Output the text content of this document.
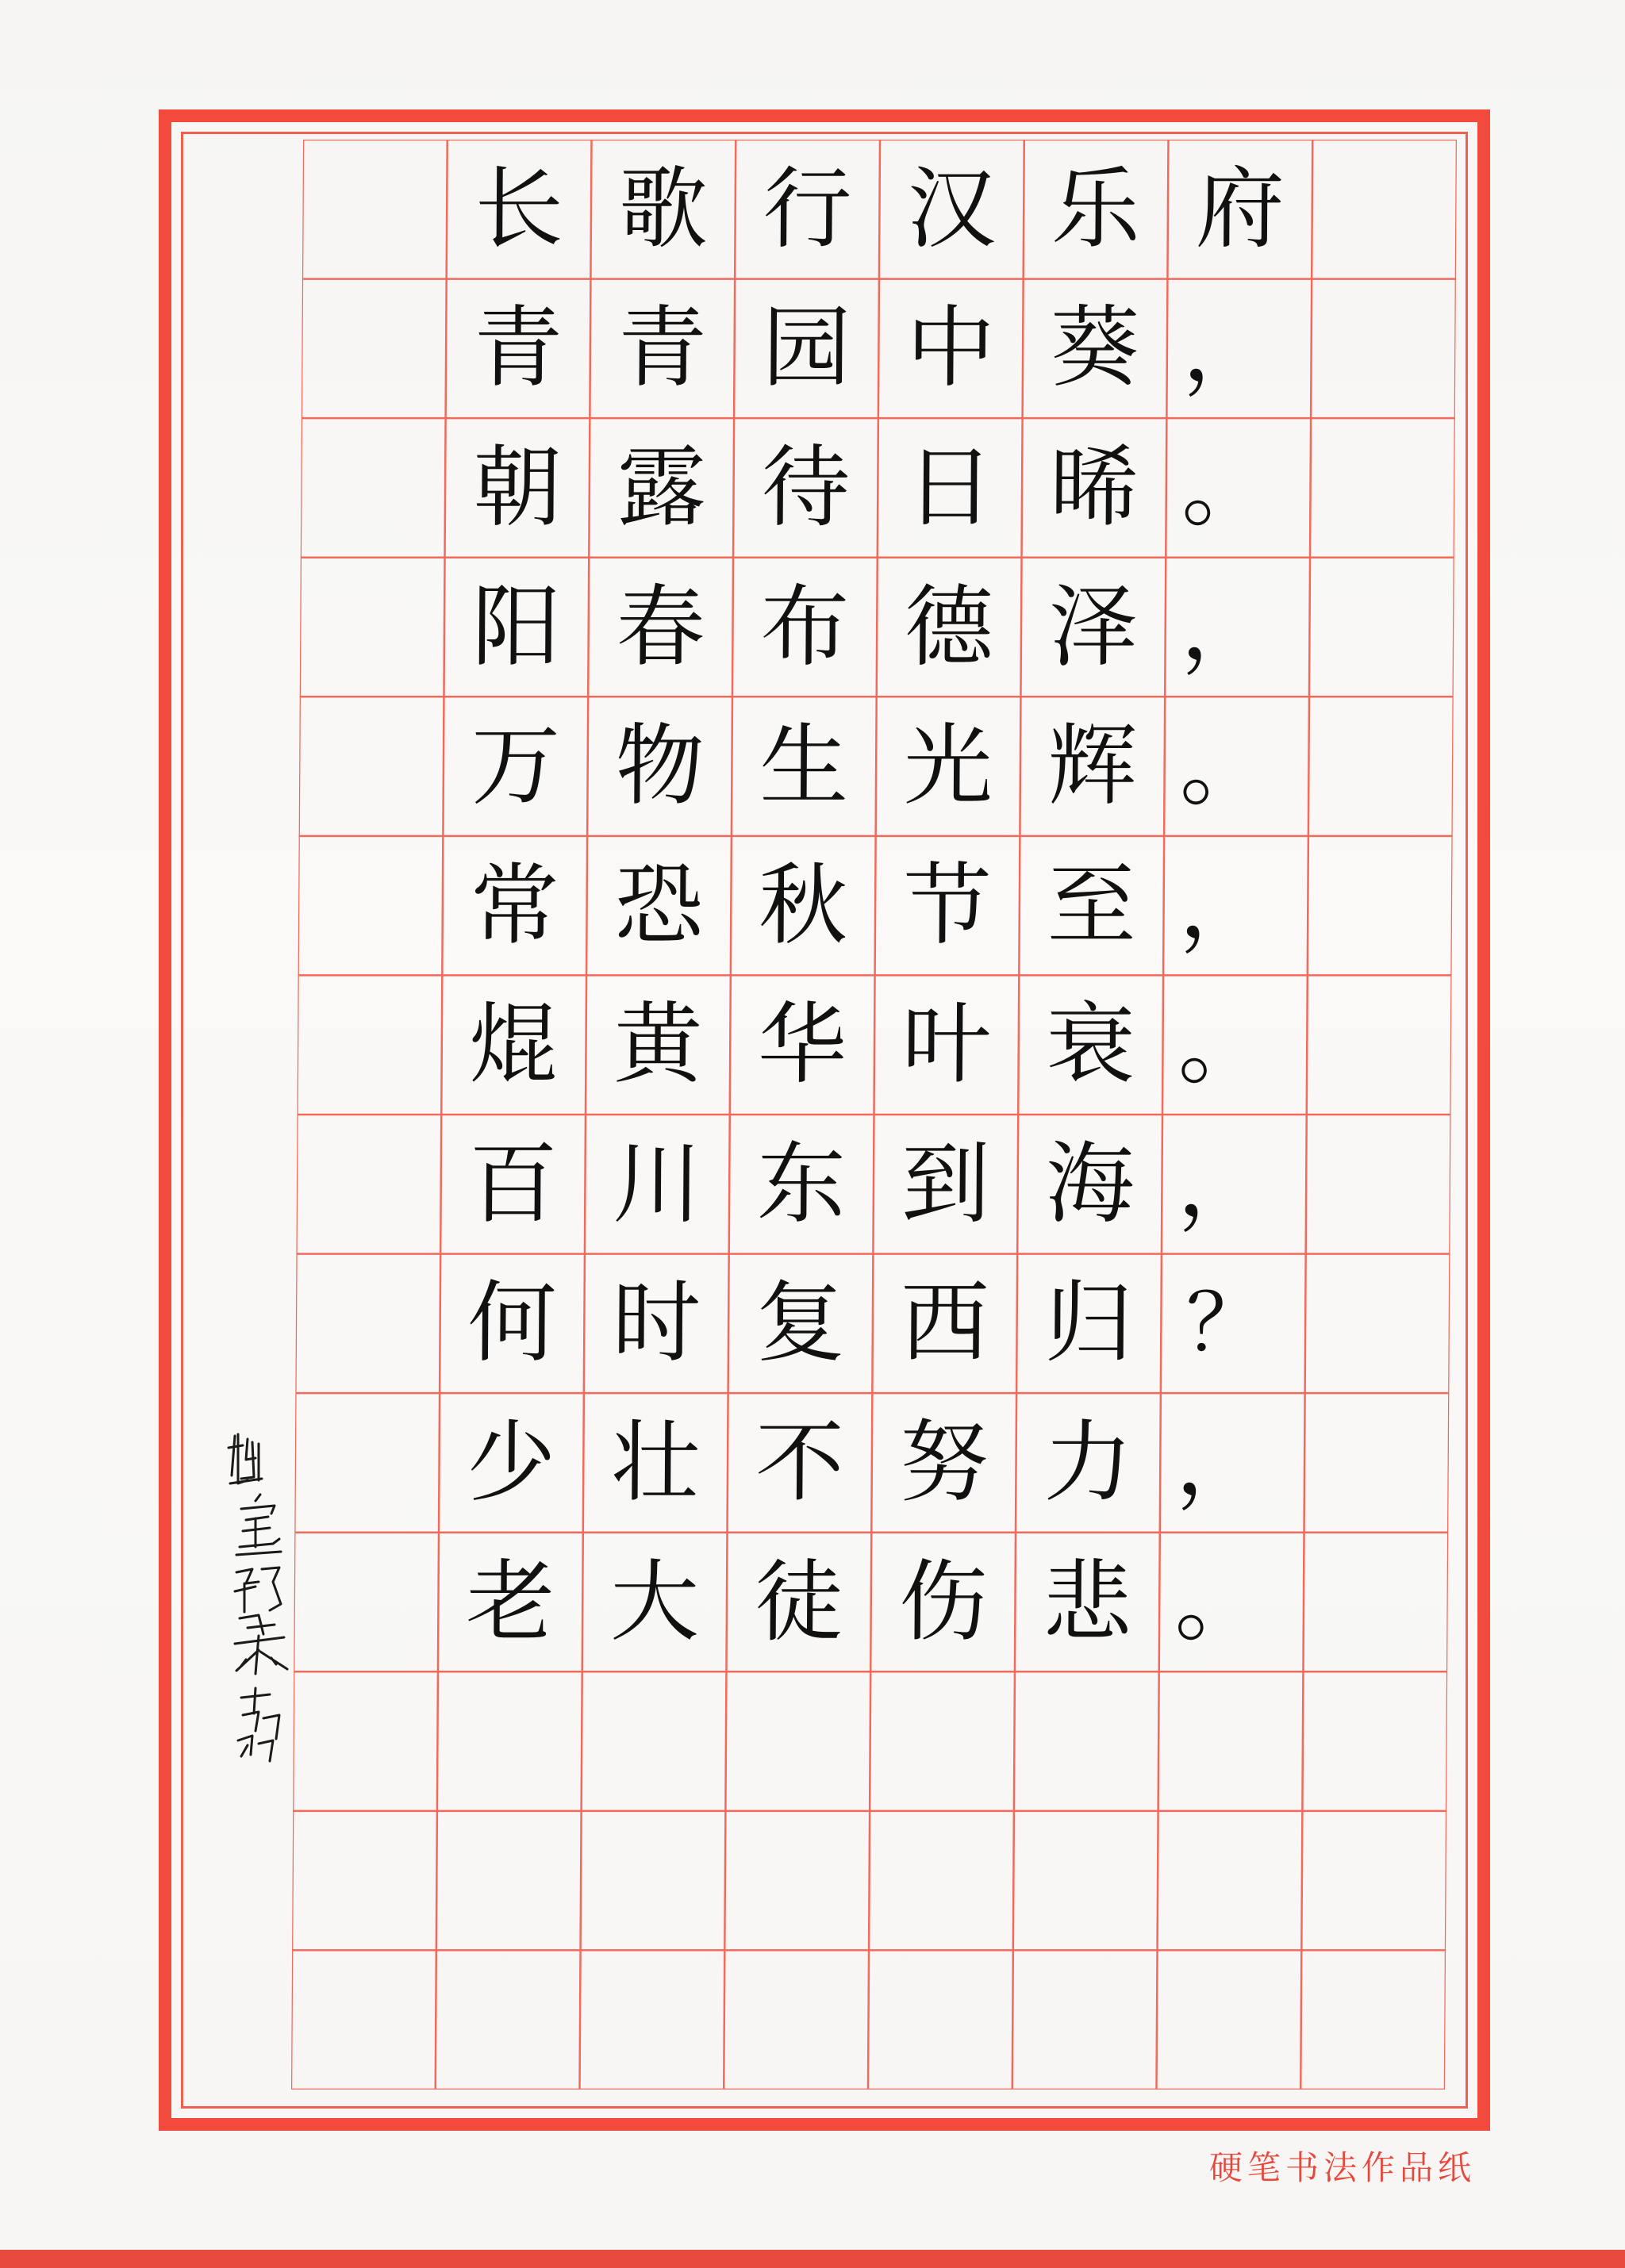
长
青
朝
阳
万
常
焜
百
何
少
老
歌
青
露
春
物
恐
黄
川
时
壮
大
行
园
待
布
生
秋
华
东
复
不
徒
汉
中
日
德
光
节
叶
到
西
努
伤
乐
葵
晞
泽
辉
至
衰
海
归
力
悲
府
，
。
，
。
，
。
，
？
，
。
硬笔书法作品纸
